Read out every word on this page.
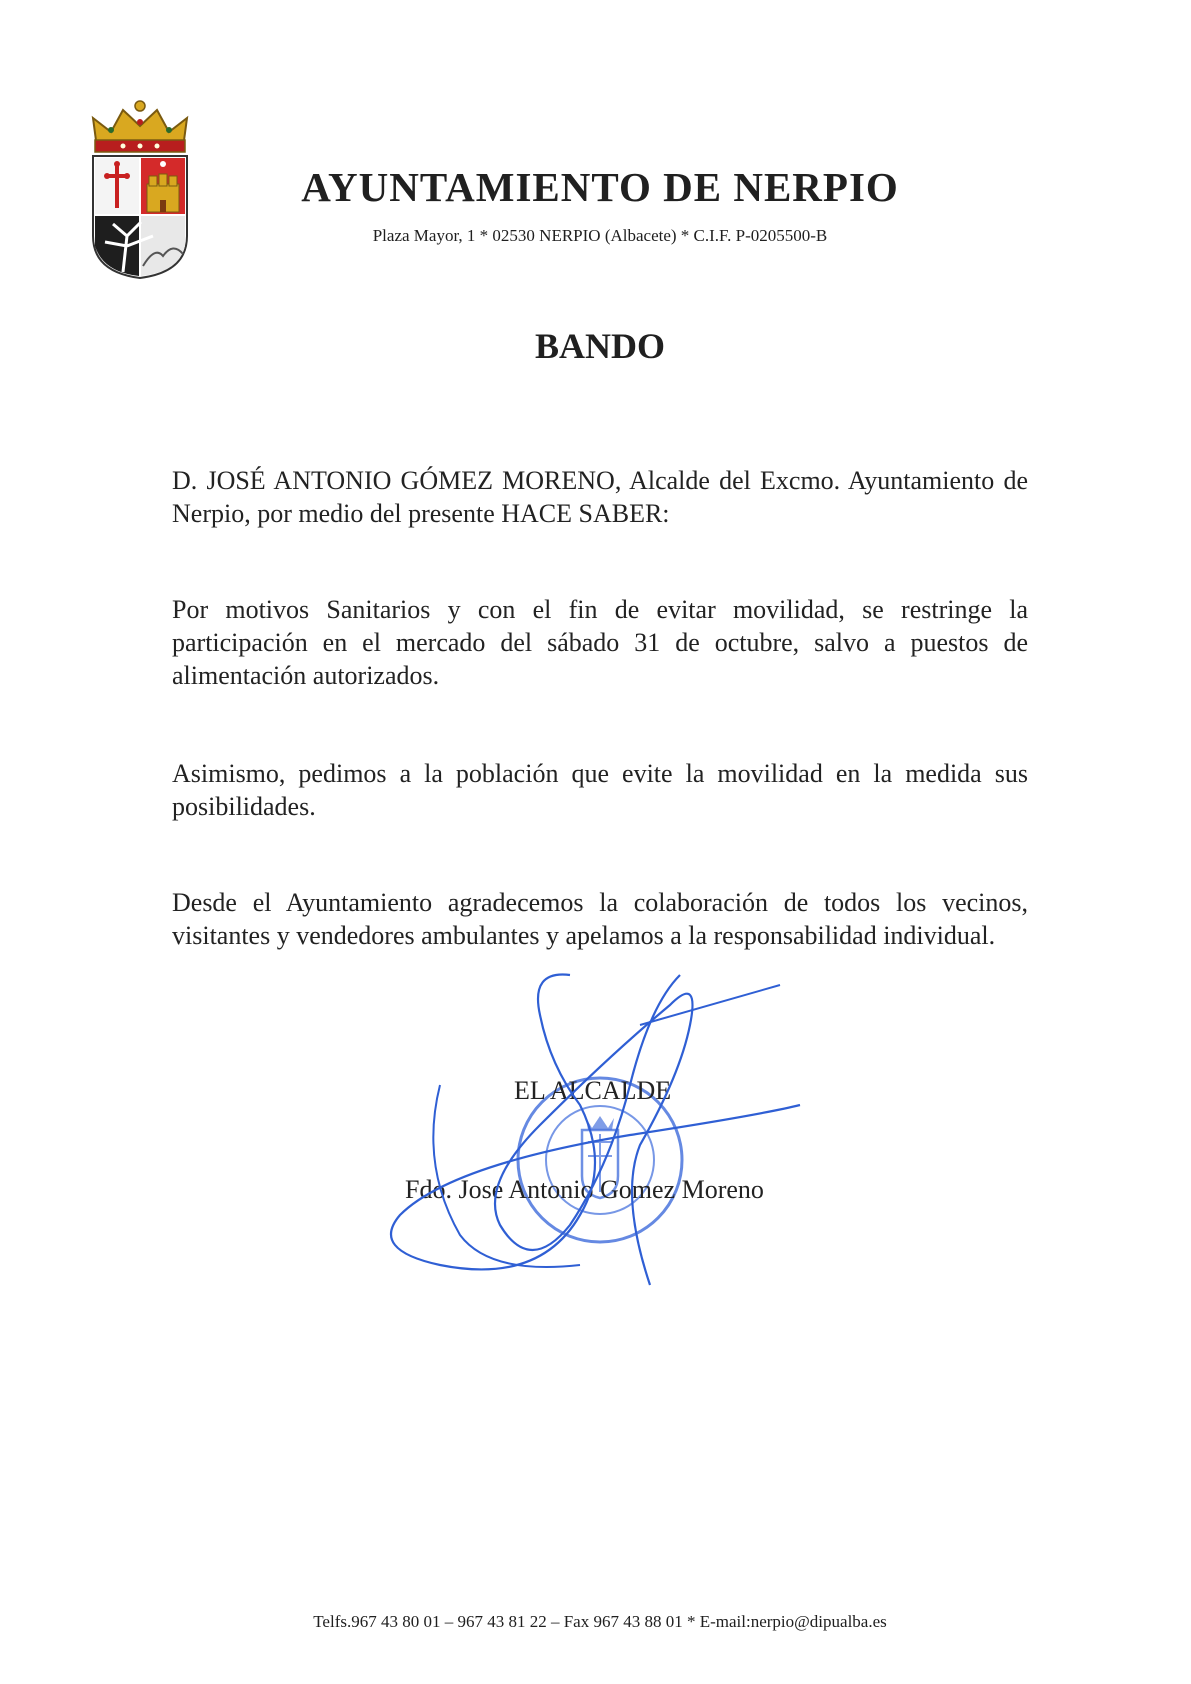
AYUNTAMIENTO DE NERPIO
Plaza Mayor, 1 * 02530 NERPIO (Albacete) * C.I.F. P-0205500-B
BANDO

D. JOSÉ ANTONIO GÓMEZ MORENO, Alcalde del Excmo. Ayuntamiento de Nerpio, por medio del presente HACE SABER:

Por motivos Sanitarios y con el fin de evitar movilidad, se restringe la participación en el mercado del sábado 31 de octubre, salvo a puestos de alimentación autorizados.

Asimismo, pedimos a la población que evite la movilidad en la medida sus posibilidades.

Desde el Ayuntamiento agradecemos la colaboración de todos los vecinos, visitantes y vendedores ambulantes y apelamos a la responsabilidad individual.

EL ALCALDE
Fdo. Jose Antonio Gomez Moreno
Telfs.967 43 80 01 – 967 43 81 22 – Fax 967 43 88 01 * E-mail:nerpio@dipualba.es
